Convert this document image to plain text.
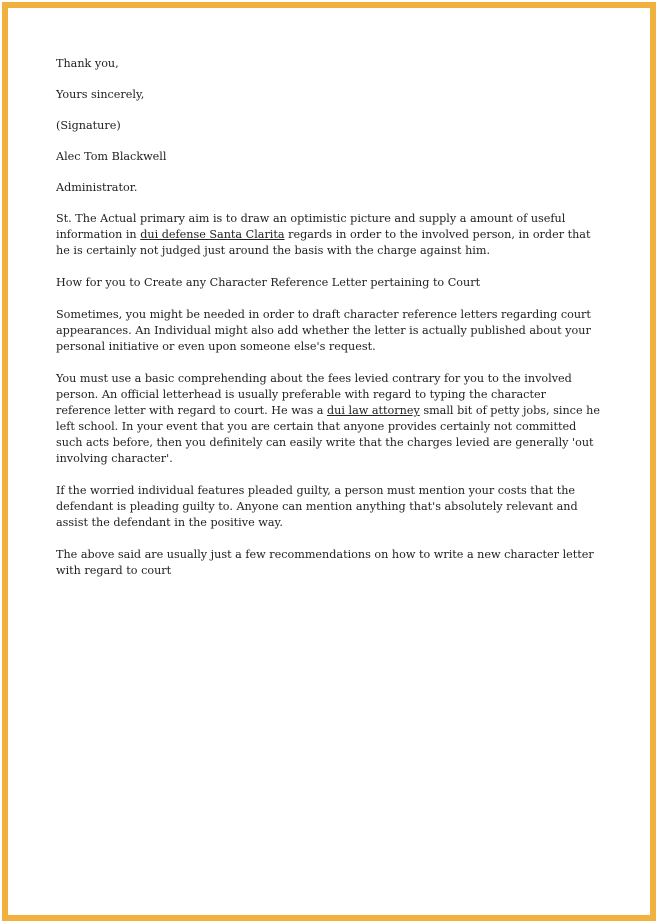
Thank you,

Yours sincerely,

(Signature)

Alec Tom Blackwell

Administrator.

St. The Actual primary aim is to draw an optimistic picture and supply a amount of useful information in dui defense Santa Clarita regards in order to the involved person, in order that he is certainly not judged just around the basis with the charge against him.

How for you to Create any Character Reference Letter pertaining to Court

Sometimes, you might be needed in order to draft character reference letters regarding court appearances. An Individual might also add whether the letter is actually published about your personal initiative or even upon someone else's request.

You must use a basic comprehending about the fees levied contrary for you to the involved person. An official letterhead is usually preferable with regard to typing the character reference letter with regard to court. He was a dui law attorney small bit of petty jobs, since he left school. In your event that you are certain that anyone provides certainly not committed such acts before, then you definitely can easily write that the charges levied are generally 'out involving character'.

If the worried individual features pleaded guilty, a person must mention your costs that the defendant is pleading guilty to. Anyone can mention anything that's absolutely relevant and assist the defendant in the positive way.

The above said are usually just a few recommendations on how to write a new character letter with regard to court
